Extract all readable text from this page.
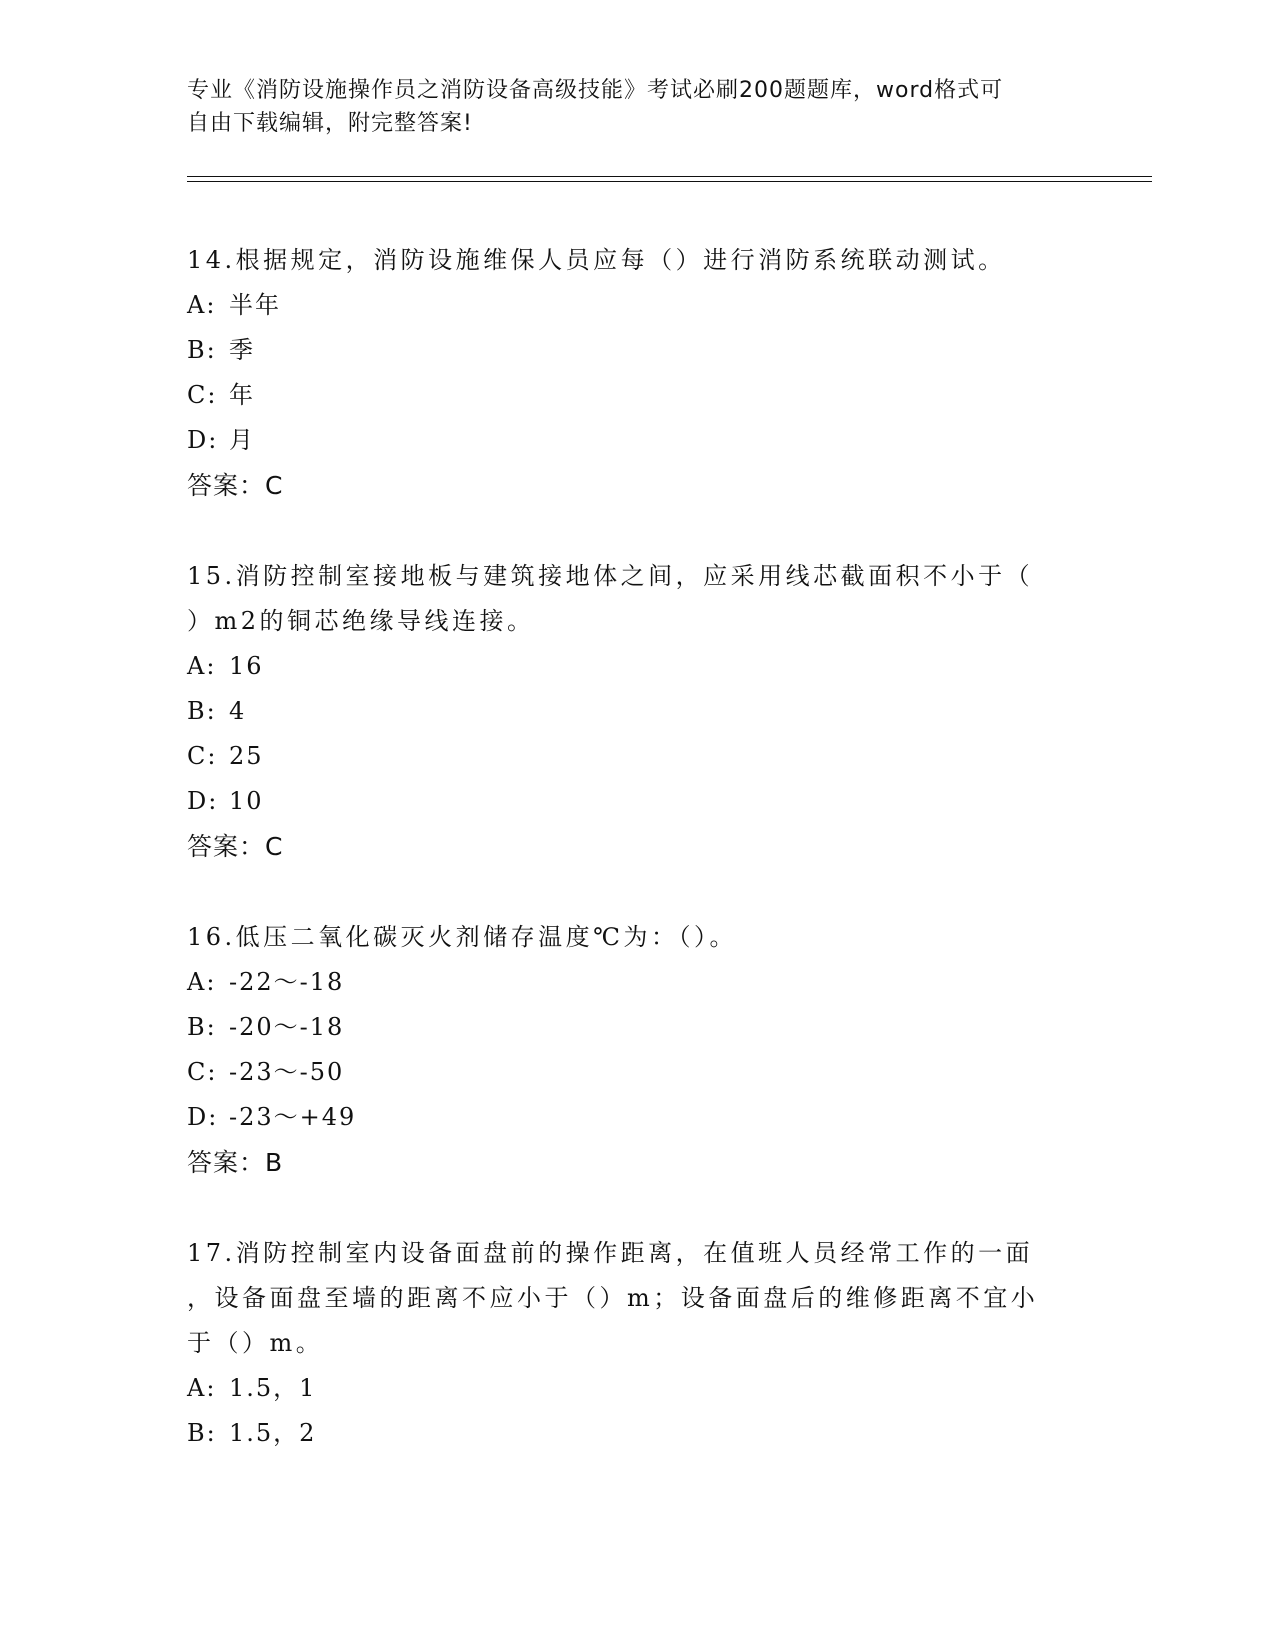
专业《消防设施操作员之消防设备高级技能》考试必刷200题题库，word格式可
自由下载编辑，附完整答案!
14.根据规定，消防设施维保人员应每（）进行消防系统联动测试。
A: 半年
B: 季
C: 年
D: 月
答案：C
15.消防控制室接地板与建筑接地体之间，应采用线芯截面积不小于（
）m2的铜芯绝缘导线连接。
A: 16
B: 4
C: 25
D: 10
答案：C
16.低压二氧化碳灭火剂储存温度℃为：（）。
A: -22～-18
B: -20～-18
C: -23～-50
D: -23～+49
答案：B
17.消防控制室内设备面盘前的操作距离，在值班人员经常工作的一面
，设备面盘至墙的距离不应小于（）m；设备面盘后的维修距离不宜小
于（）m。
A: 1.5，1
B: 1.5，2
